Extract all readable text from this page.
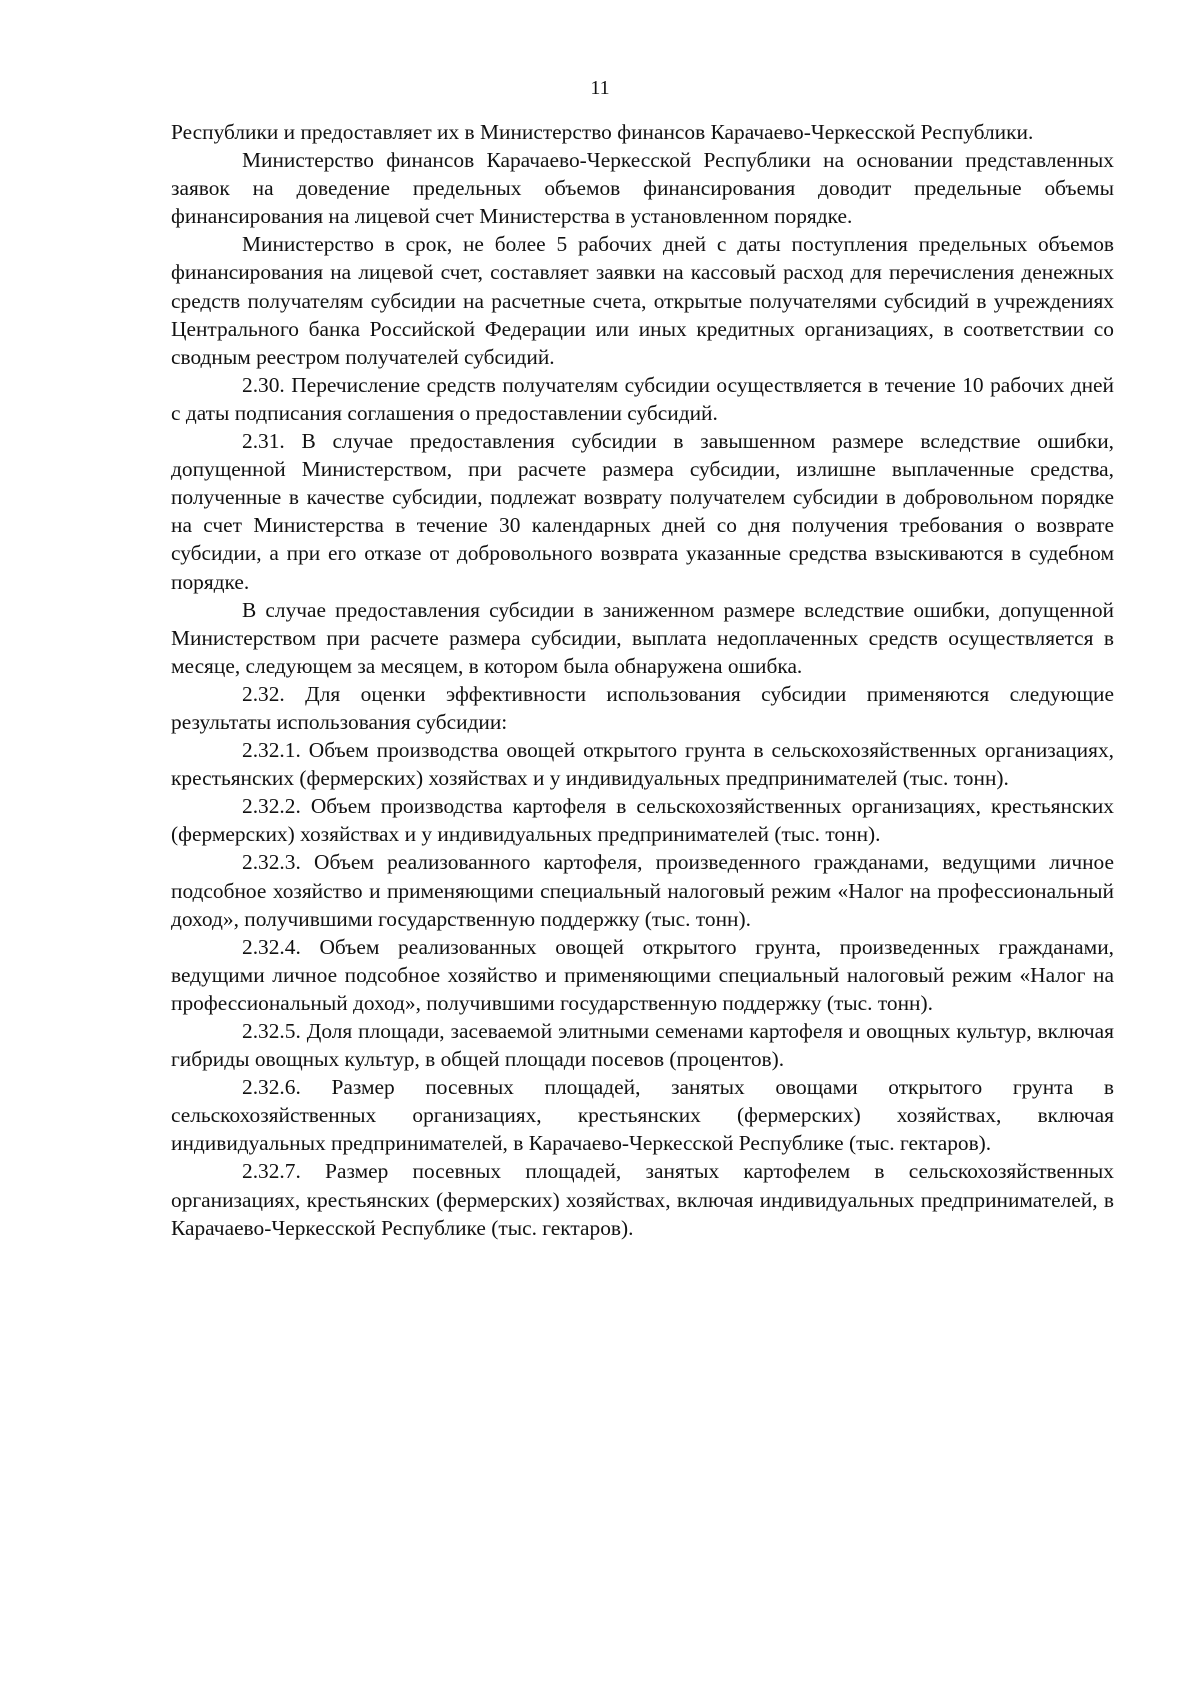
11

Республики и предоставляет их в Министерство финансов Карачаево-Черкесской Республики.

Министерство финансов Карачаево-Черкесской Республики на основании представленных заявок на доведение предельных объемов финансирования доводит предельные объемы финансирования на лицевой счет Министерства в установленном порядке.

Министерство в срок, не более 5 рабочих дней с даты поступления предельных объемов финансирования на лицевой счет, составляет заявки на кассовый расход для перечисления денежных средств получателям субсидии на расчетные счета, открытые получателями субсидий в учреждениях Центрального банка Российской Федерации или иных кредитных организациях, в соответствии со сводным реестром получателей субсидий.

2.30. Перечисление средств получателям субсидии осуществляется в течение 10 рабочих дней с даты подписания соглашения о предоставлении субсидий.

2.31. В случае предоставления субсидии в завышенном размере вследствие ошибки, допущенной Министерством, при расчете размера субсидии, излишне выплаченные средства, полученные в качестве субсидии, подлежат возврату получателем субсидии в добровольном порядке на счет Министерства в течение 30 календарных дней со дня получения требования о возврате субсидии, а при его отказе от добровольного возврата указанные средства взыскиваются в судебном порядке.

В случае предоставления субсидии в заниженном размере вследствие ошибки, допущенной Министерством при расчете размера субсидии, выплата недоплаченных средств осуществляется в месяце, следующем за месяцем, в котором была обнаружена ошибка.

2.32. Для оценки эффективности использования субсидии применяются следующие результаты использования субсидии:

2.32.1. Объем производства овощей открытого грунта в сельскохозяйственных организациях, крестьянских (фермерских) хозяйствах и у индивидуальных предпринимателей (тыс. тонн).

2.32.2. Объем производства картофеля в сельскохозяйственных организациях, крестьянских (фермерских) хозяйствах и у индивидуальных предпринимателей (тыс. тонн).

2.32.3. Объем реализованного картофеля, произведенного гражданами, ведущими личное подсобное хозяйство и применяющими специальный налоговый режим «Налог на профессиональный доход», получившими государственную поддержку (тыс. тонн).

2.32.4. Объем реализованных овощей открытого грунта, произведенных гражданами, ведущими личное подсобное хозяйство и применяющими специальный налоговый режим «Налог на профессиональный доход», получившими государственную поддержку (тыс. тонн).

2.32.5. Доля площади, засеваемой элитными семенами картофеля и овощных культур, включая гибриды овощных культур, в общей площади посевов (процентов).

2.32.6. Размер посевных площадей, занятых овощами открытого грунта в сельскохозяйственных организациях, крестьянских (фермерских) хозяйствах, включая индивидуальных предпринимателей, в Карачаево-Черкесской Республике (тыс. гектаров).

2.32.7. Размер посевных площадей, занятых картофелем в сельскохозяйственных организациях, крестьянских (фермерских) хозяйствах, включая индивидуальных предпринимателей, в Карачаево-Черкесской Республике (тыс. гектаров).
